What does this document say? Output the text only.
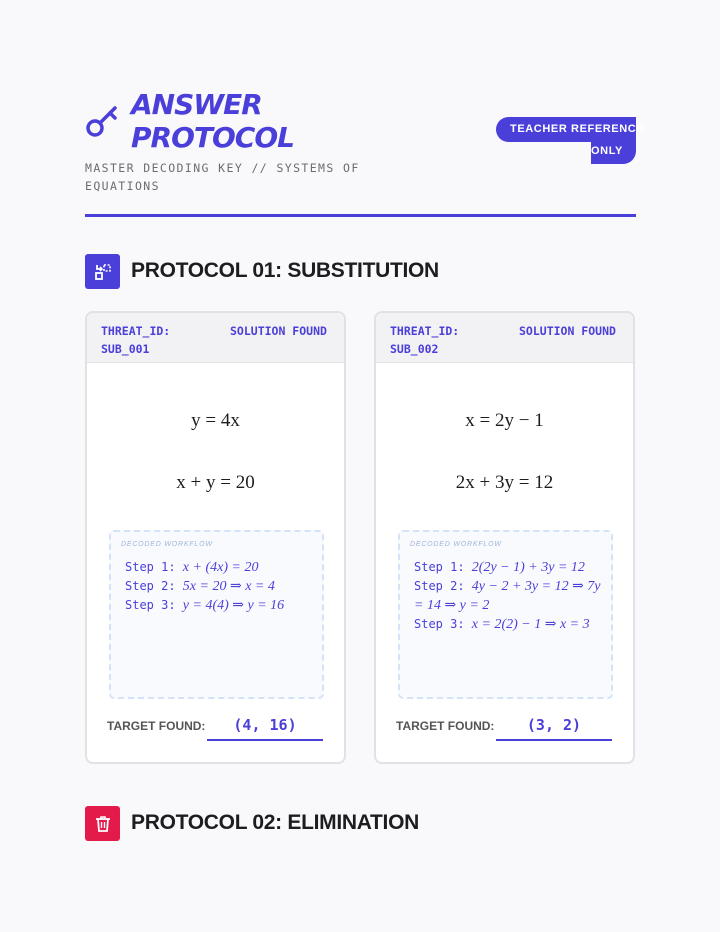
ANSWER
PROTOCOL
MASTER DECODING KEY // SYSTEMS OF EQUATIONS
TEACHER REFERENCE
ONLY
PROTOCOL 01: SUBSTITUTION
THREAT_ID: SUB_001
SOLUTION FOUND
y = 4x
x + y = 20
DECODED WORKFLOW
Step 1: x + (4x) = 20
Step 2: 5x = 20 ⇒ x = 4
Step 3: y = 4(4) ⇒ y = 16
TARGET FOUND:	(4, 16)
THREAT_ID: SUB_002
SOLUTION FOUND
x = 2y − 1
2x + 3y = 12
DECODED WORKFLOW
Step 1: 2(2y − 1) + 3y = 12
Step 2: 4y − 2 + 3y = 12 ⇒ 7y = 14 ⇒ y = 2
Step 3: x = 2(2) − 1 ⇒ x = 3
TARGET FOUND:	(3, 2)
PROTOCOL 02: ELIMINATION
